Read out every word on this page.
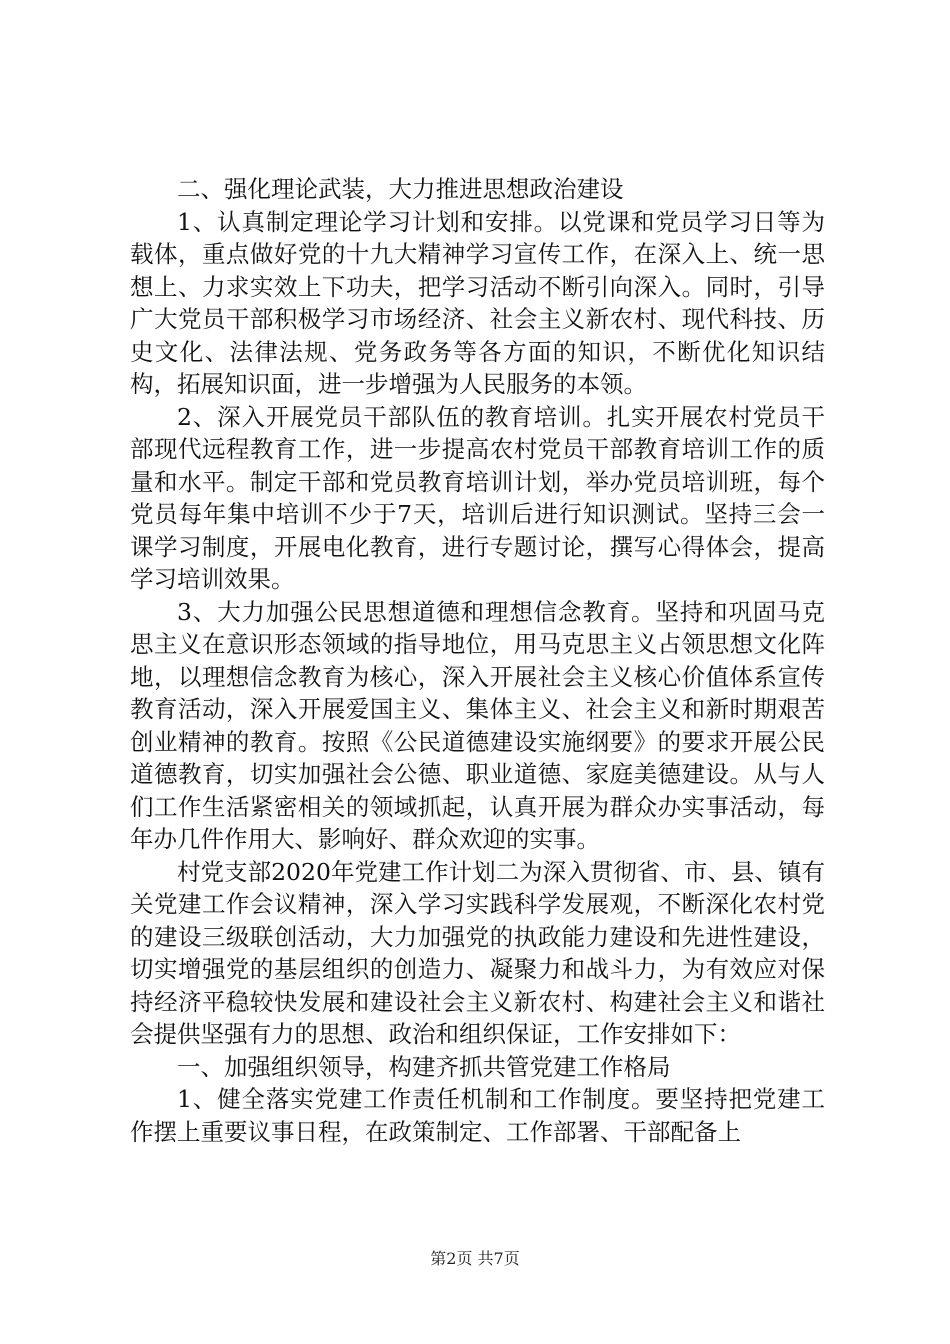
二、强化理论武装，大力推进思想政治建设

1、认真制定理论学习计划和安排。以党课和党员学习日等为载体，重点做好党的十九大精神学习宣传工作，在深入上、统一思想上、力求实效上下功夫，把学习活动不断引向深入。同时，引导广大党员干部积极学习市场经济、社会主义新农村、现代科技、历史文化、法律法规、党务政务等各方面的知识，不断优化知识结构，拓展知识面，进一步增强为人民服务的本领。

2、深入开展党员干部队伍的教育培训。扎实开展农村党员干部现代远程教育工作，进一步提高农村党员干部教育培训工作的质量和水平。制定干部和党员教育培训计划，举办党员培训班，每个党员每年集中培训不少于7天，培训后进行知识测试。坚持三会一课学习制度，开展电化教育，进行专题讨论，撰写心得体会，提高学习培训效果。

3、大力加强公民思想道德和理想信念教育。坚持和巩固马克思主义在意识形态领域的指导地位，用马克思主义占领思想文化阵地，以理想信念教育为核心，深入开展社会主义核心价值体系宣传教育活动，深入开展爱国主义、集体主义、社会主义和新时期艰苦创业精神的教育。按照《公民道德建设实施纲要》的要求开展公民道德教育，切实加强社会公德、职业道德、家庭美德建设。从与人们工作生活紧密相关的领域抓起，认真开展为群众办实事活动，每年办几件作用大、影响好、群众欢迎的实事。

村党支部2020年党建工作计划二为深入贯彻省、市、县、镇有关党建工作会议精神，深入学习实践科学发展观，不断深化农村党的建设三级联创活动，大力加强党的执政能力建设和先进性建设，切实增强党的基层组织的创造力、凝聚力和战斗力，为有效应对保持经济平稳较快发展和建设社会主义新农村、构建社会主义和谐社会提供坚强有力的思想、政治和组织保证，工作安排如下：

一、加强组织领导，构建齐抓共管党建工作格局

1、健全落实党建工作责任机制和工作制度。要坚持把党建工作摆上重要议事日程，在政策制定、工作部署、干部配备上

第2页 共7页
